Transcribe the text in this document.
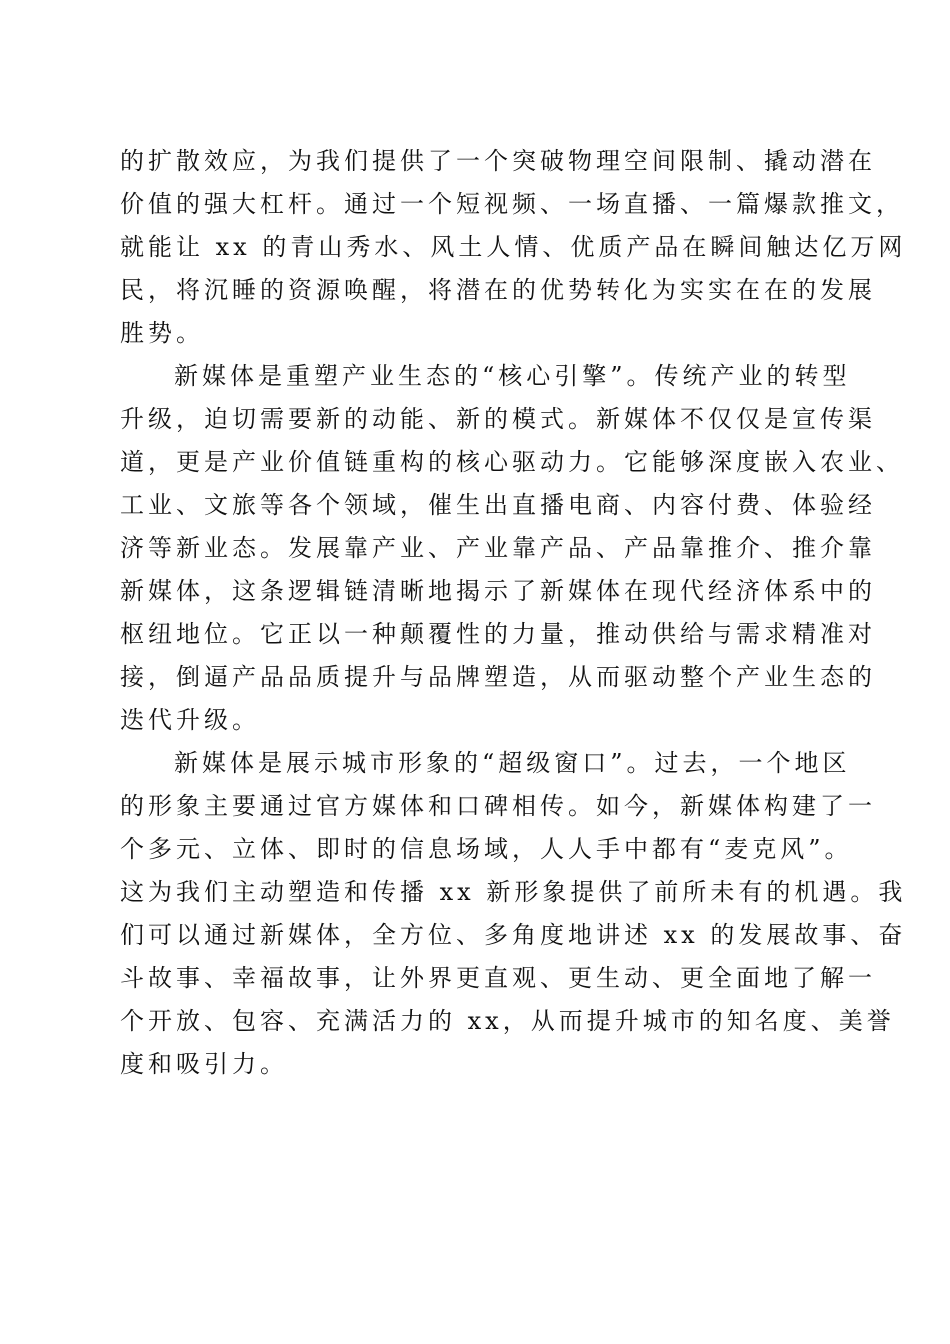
的扩散效应，为我们提供了一个突破物理空间限制、撬动潜在
价值的强大杠杆。通过一个短视频、一场直播、一篇爆款推文，
就能让 xx 的青山秀水、风土人情、优质产品在瞬间触达亿万网
民，将沉睡的资源唤醒，将潜在的优势转化为实实在在的发展
胜势。
新媒体是重塑产业生态的“核心引擎”。传统产业的转型
升级，迫切需要新的动能、新的模式。新媒体不仅仅是宣传渠
道，更是产业价值链重构的核心驱动力。它能够深度嵌入农业、
工业、文旅等各个领域，催生出直播电商、内容付费、体验经
济等新业态。发展靠产业、产业靠产品、产品靠推介、推介靠
新媒体，这条逻辑链清晰地揭示了新媒体在现代经济体系中的
枢纽地位。它正以一种颠覆性的力量，推动供给与需求精准对
接，倒逼产品品质提升与品牌塑造，从而驱动整个产业生态的
迭代升级。
新媒体是展示城市形象的“超级窗口”。过去，一个地区
的形象主要通过官方媒体和口碑相传。如今，新媒体构建了一
个多元、立体、即时的信息场域，人人手中都有“麦克风”。
这为我们主动塑造和传播 xx 新形象提供了前所未有的机遇。我
们可以通过新媒体，全方位、多角度地讲述 xx 的发展故事、奋
斗故事、幸福故事，让外界更直观、更生动、更全面地了解一
个开放、包容、充满活力的 xx，从而提升城市的知名度、美誉
度和吸引力。
